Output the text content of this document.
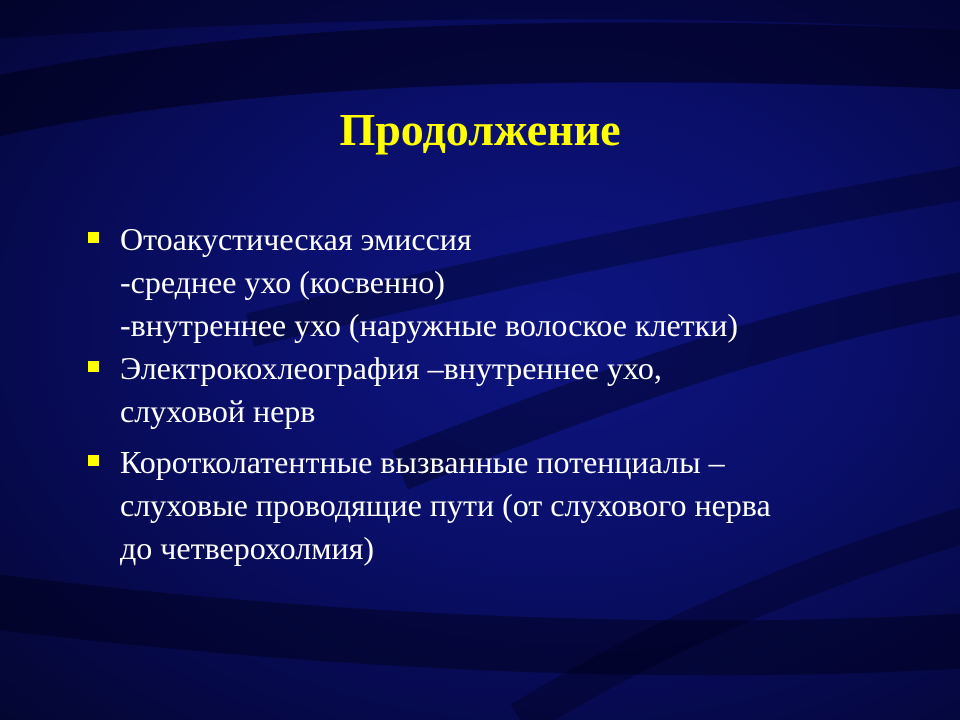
Продолжение
Отоакустическая эмиссия
-среднее ухо (косвенно)
-внутреннее ухо (наружные волоское клетки)
Электрокохлеография –внутреннее ухо,
слуховой нерв
Коротколатентные вызванные потенциалы –
слуховые проводящие пути (от слухового нерва
до четверохолмия)
